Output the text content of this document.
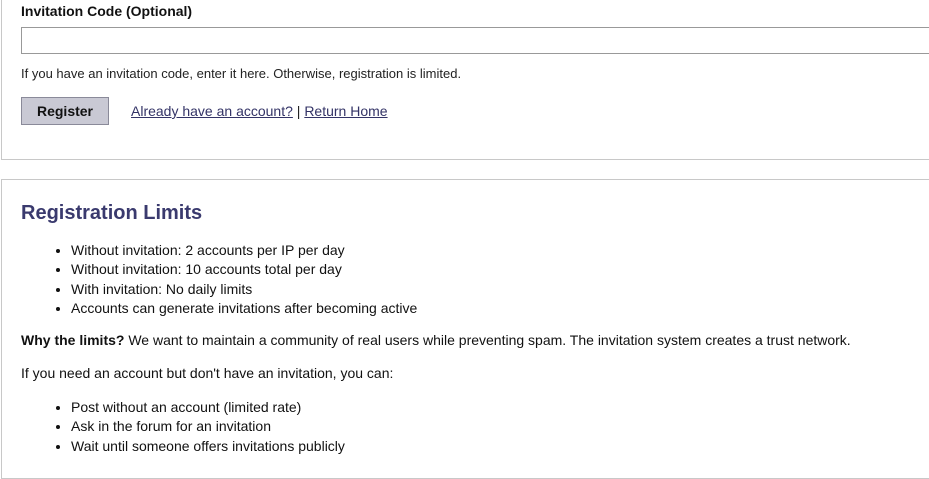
Invitation Code (Optional)
If you have an invitation code, enter it here. Otherwise, registration is limited.
Register	Already have an account? | Return Home
Registration Limits
• Without invitation: 2 accounts per IP per day
• Without invitation: 10 accounts total per day
• With invitation: No daily limits
• Accounts can generate invitations after becoming active

Why the limits? We want to maintain a community of real users while preventing spam. The invitation system creates a trust network.

If you need an account but don't have an invitation, you can:

• Post without an account (limited rate)
• Ask in the forum for an invitation
• Wait until someone offers invitations publicly
